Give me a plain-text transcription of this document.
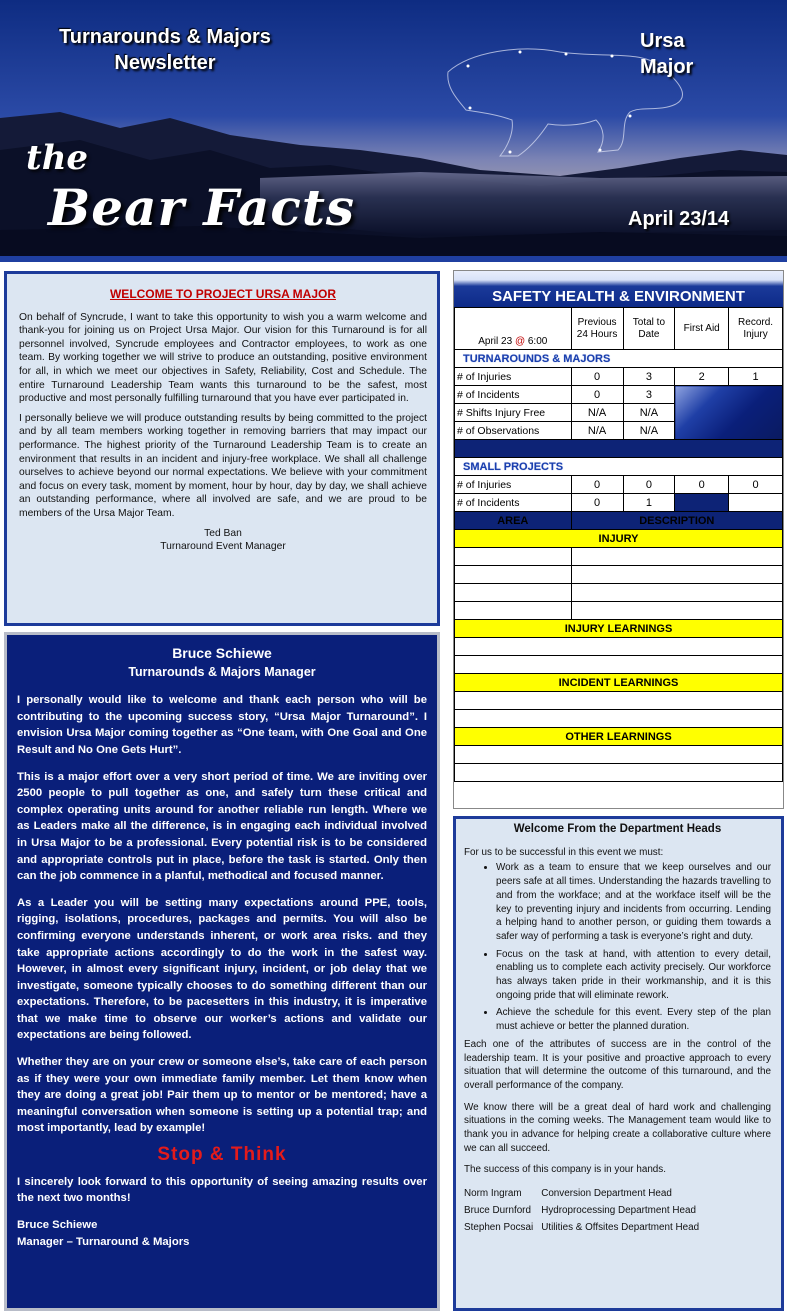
Turnarounds & Majors
Newsletter
Ursa
Major
the
Bear Facts	April 23/14
WELCOME TO PROJECT URSA MAJOR

On behalf of Syncrude, I want to take this opportunity to wish you a warm welcome and thank-you for joining us on Project Ursa Major. Our vision for this Turnaround is for all personnel involved, Syncrude employees and Contractor employees, to work as one team. By working together we will strive to produce an outstanding, positive environment for all, in which we meet our objectives in Safety, Reliability, Cost and Schedule. The entire Turnaround Leadership Team wants this turnaround to be the safest, most productive and most personally fulfilling turnaround that you have ever participated in.

I personally believe we will produce outstanding results by being committed to the project and by all team members working together in removing barriers that may impact our performance. The highest priority of the Turnaround Leadership Team is to create an environment that results in an incident and injury-free workplace. We shall all challenge ourselves to achieve beyond our normal expectations. We believe with your commitment and focus on every task, moment by moment, hour by hour, day by day, we shall achieve an outstanding performance, where all involved are safe, and we are proud to be members of the Ursa Major Team.

Ted Ban

Turnaround Event Manager

Bruce Schiewe
Turnarounds & Majors Manager

I personally would like to welcome and thank each person who will be contributing to the upcoming success story, “Ursa Major Turnaround”. I envision Ursa Major coming together as “One team, with One Goal and One Result and No One Gets Hurt”.

This is a major effort over a very short period of time. We are inviting over 2500 people to pull together as one, and safely turn these critical and complex operating units around for another reliable run length. Where we as Leaders make all the difference, is in engaging each individual involved in Ursa Major to be a professional. Every potential risk is to be considered and appropriate controls put in place, before the task is started. Only then can the job commence in a planful, methodical and focused manner.

As a Leader you will be setting many expectations around PPE, tools, rigging, isolations, procedures, packages and permits. You will also be confirming everyone understands inherent, or work area risks. and they take appropriate actions accordingly to do the work in the safest way. However, in almost every significant injury, incident, or job delay that we investigate, someone typically chooses to do something different than our expectations. Therefore, to be pacesetters in this industry, it is imperative that we make time to observe our worker’s actions and validate our expectations are being followed.

Whether they are on your crew or someone else’s, take care of each person as if they were your own immediate family member. Let them know when they are doing a great job! Pair them up to mentor or be mentored; have a meaningful conversation when someone is setting up a potential trap; and most importantly, lead by example!

Stop & Think

I sincerely look forward to this opportunity of seeing amazing results over the next two months!

Bruce Schiewe

Manager – Turnaround & Majors

SAFETY HEALTH & ENVIRONMENT
April 23 @ 6:00	Previous 24 Hours	Total to Date	First Aid	Record. Injury
TURNAROUNDS & MAJORS				
# of Injuries	0	3	2	1
# of Incidents	0	3		
# Shifts Injury Free	N/A	N/A		
# of Observations	N/A	N/A		

SMALL PROJECTS				
# of Injuries	0	0	0	0
# of Incidents	0	1		
AREA	DESCRIPTION			
INJURY				

INJURY LEARNINGS				

INCIDENT LEARNINGS				

OTHER LEARNINGS				

Welcome From the Department Heads

For us to be successful in this event we must:

• Work as a team to ensure that we keep ourselves and our peers safe at all times. Understanding the hazards travelling to and from the workface; and at the workface itself will be the key to preventing injury and incidents from occurring. Lending a helping hand to another person, or guiding them towards a safer way of performing a task is everyone’s right and duty.
• Focus on the task at hand, with attention to every detail, enabling us to complete each activity precisely. Our workforce has always taken pride in their workmanship, and it is this ongoing pride that will eliminate rework.
• Achieve the schedule for this event. Every step of the plan must achieve or better the planned duration.

Each one of the attributes of success are in the control of the leadership team. It is your positive and proactive approach to every situation that will determine the outcome of this turnaround, and the overall performance of the company.

We know there will be a great deal of hard work and challenging situations in the coming weeks. The Management team would like to thank you in advance for helping create a collaborative culture where we can all succeed.

The success of this company is in your hands.

Norm Ingram	Conversion Department Head
Bruce Durnford	Hydroprocessing Department Head
Stephen Pocsai	Utilities & Offsites Department Head
